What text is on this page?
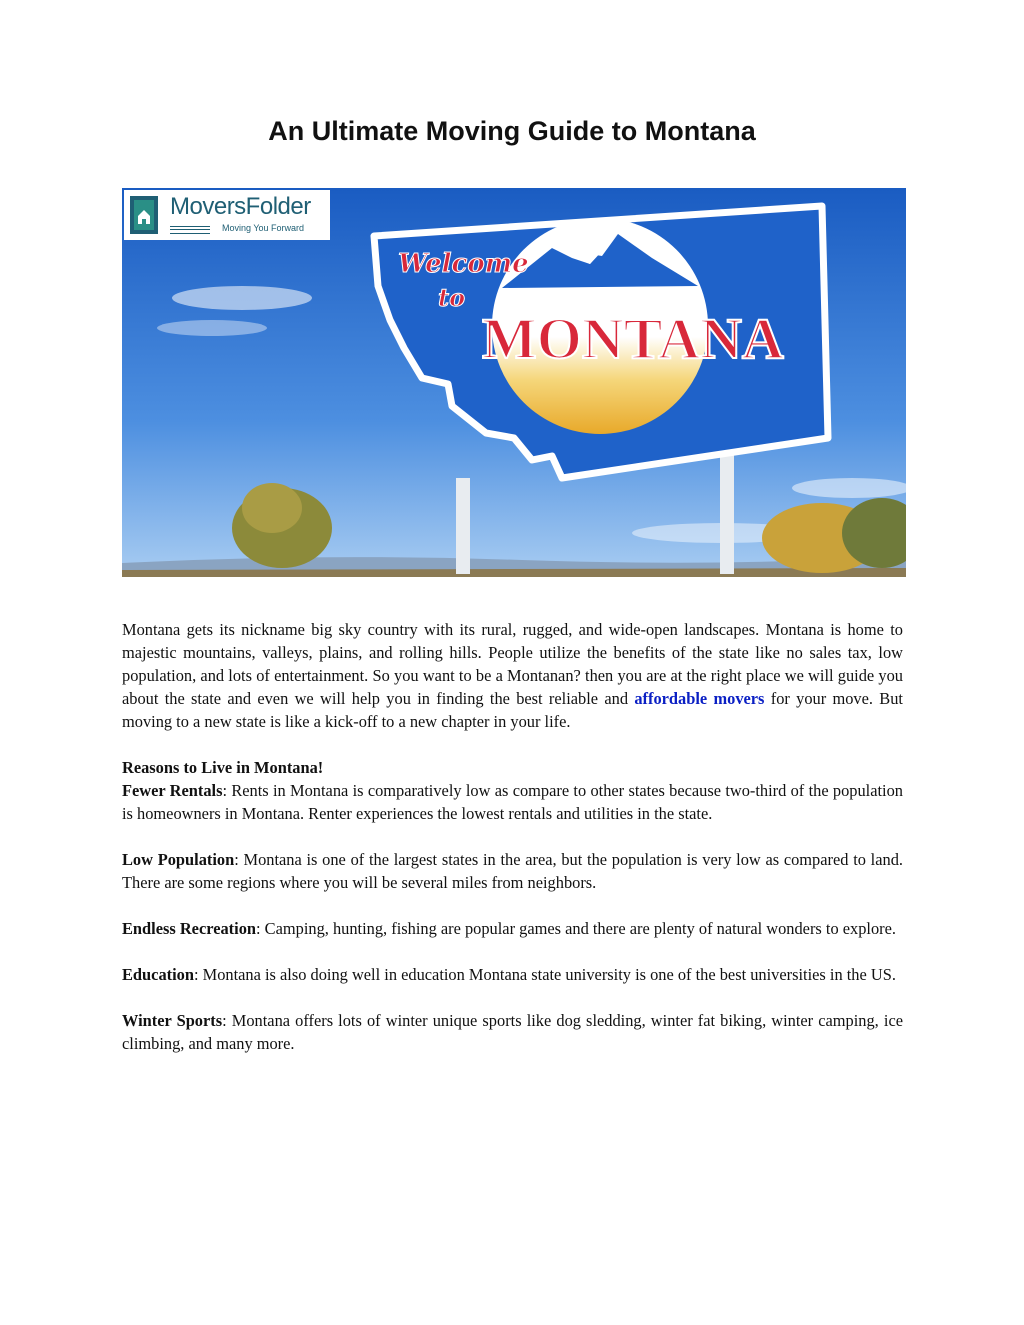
An Ultimate Moving Guide to Montana
Welcome
to
MONTANA
MoversFolder
Moving You Forward

Montana gets its nickname big sky country with its rural, rugged, and wide-open landscapes. Montana is home to majestic mountains, valleys, plains, and rolling hills. People utilize the benefits of the state like no sales tax, low population, and lots of entertainment. So you want to be a Montanan? then you are at the right place we will guide you about the state and even we will help you in finding the best reliable and affordable movers for your move. But moving to a new state is like a kick-off to a new chapter in your life.

Reasons to Live in Montana!

Fewer Rentals: Rents in Montana is comparatively low as compare to other states because two-third of the population is homeowners in Montana. Renter experiences the lowest rentals and utilities in the state.

Low Population: Montana is one of the largest states in the area, but the population is very low as compared to land. There are some regions where you will be several miles from neighbors.

Endless Recreation: Camping, hunting, fishing are popular games and there are plenty of natural wonders to explore.

Education: Montana is also doing well in education Montana state university is one of the best universities in the US.

Winter Sports: Montana offers lots of winter unique sports like dog sledding, winter fat biking, winter camping, ice climbing, and many more.
